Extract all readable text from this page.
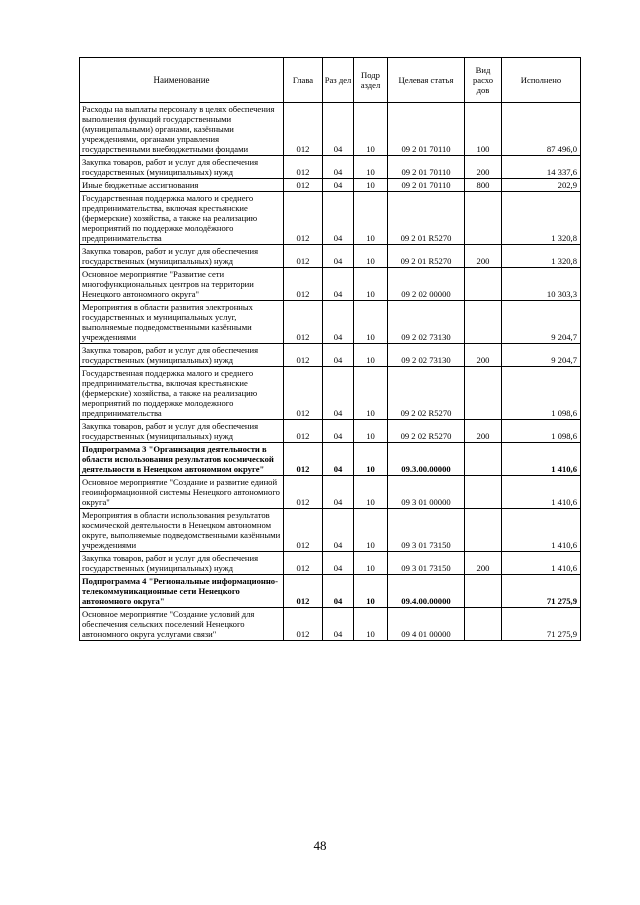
Наименование	Глава	Раз дел	Подр аздел	Целевая статья	Вид расхо дов	Исполнено
Расходы на выплаты персоналу в целях обеспечения выполнения функций государственными (муниципальными) органами, казёнными учреждениями, органами управления государственными внебюджетными фондами	012	04	10	09 2 01 70110	100	87 496,0
Закупка товаров, работ и услуг для обеспечения государственных (муниципальных) нужд	012	04	10	09 2 01 70110	200	14 337,6
Иные бюджетные ассигнования	012	04	10	09 2 01 70110	800	202,9
Государственная поддержка малого и среднего предпринимательства, включая крестьянские (фермерские) хозяйства, а также на реализацию мероприятий по поддержке молодёжного предпринимательства	012	04	10	09 2 01 R5270		1 320,8
Закупка товаров, работ и услуг для обеспечения государственных (муниципальных) нужд	012	04	10	09 2 01 R5270	200	1 320,8
Основное мероприятие "Развитие сети многофункциональных центров на территории Ненецкого автономного округа"	012	04	10	09 2 02 00000		10 303,3
Мероприятия в области развития электронных государственных и муниципальных услуг, выполняемые подведомственными казёнными учреждениями	012	04	10	09 2 02 73130		9 204,7
Закупка товаров, работ и услуг для обеспечения государственных (муниципальных) нужд	012	04	10	09 2 02 73130	200	9 204,7
Государственная поддержка малого и среднего предпринимательства, включая крестьянские (фермерские) хозяйства, а также на реализацию мероприятий по поддержке молодежного предпринимательства	012	04	10	09 2 02 R5270		1 098,6
Закупка товаров, работ и услуг для обеспечения государственных (муниципальных) нужд	012	04	10	09 2 02 R5270	200	1 098,6
Подпрограмма 3 "Организация деятельности в области использования результатов космической деятельности в Ненецком автономном округе"	012	04	10	09.3.00.00000		1 410,6
Основное мероприятие "Создание и развитие единой геоинформационной системы Ненецкого автономного округа"	012	04	10	09 3 01 00000		1 410,6
Мероприятия в области использования результатов космической деятельности в Ненецком автономном округе, выполняемые подведомственными казёнными учреждениями	012	04	10	09 3 01 73150		1 410,6
Закупка товаров, работ и услуг для обеспечения государственных (муниципальных) нужд	012	04	10	09 3 01 73150	200	1 410,6
Подпрограмма 4 "Региональные информационно-телекоммуникационные сети Ненецкого автономного округа"	012	04	10	09.4.00.00000		71 275,9
Основное мероприятие "Создание условий для обеспечения сельских поселений Ненецкого автономного округа услугами связи"	012	04	10	09 4 01 00000		71 275,9
48
